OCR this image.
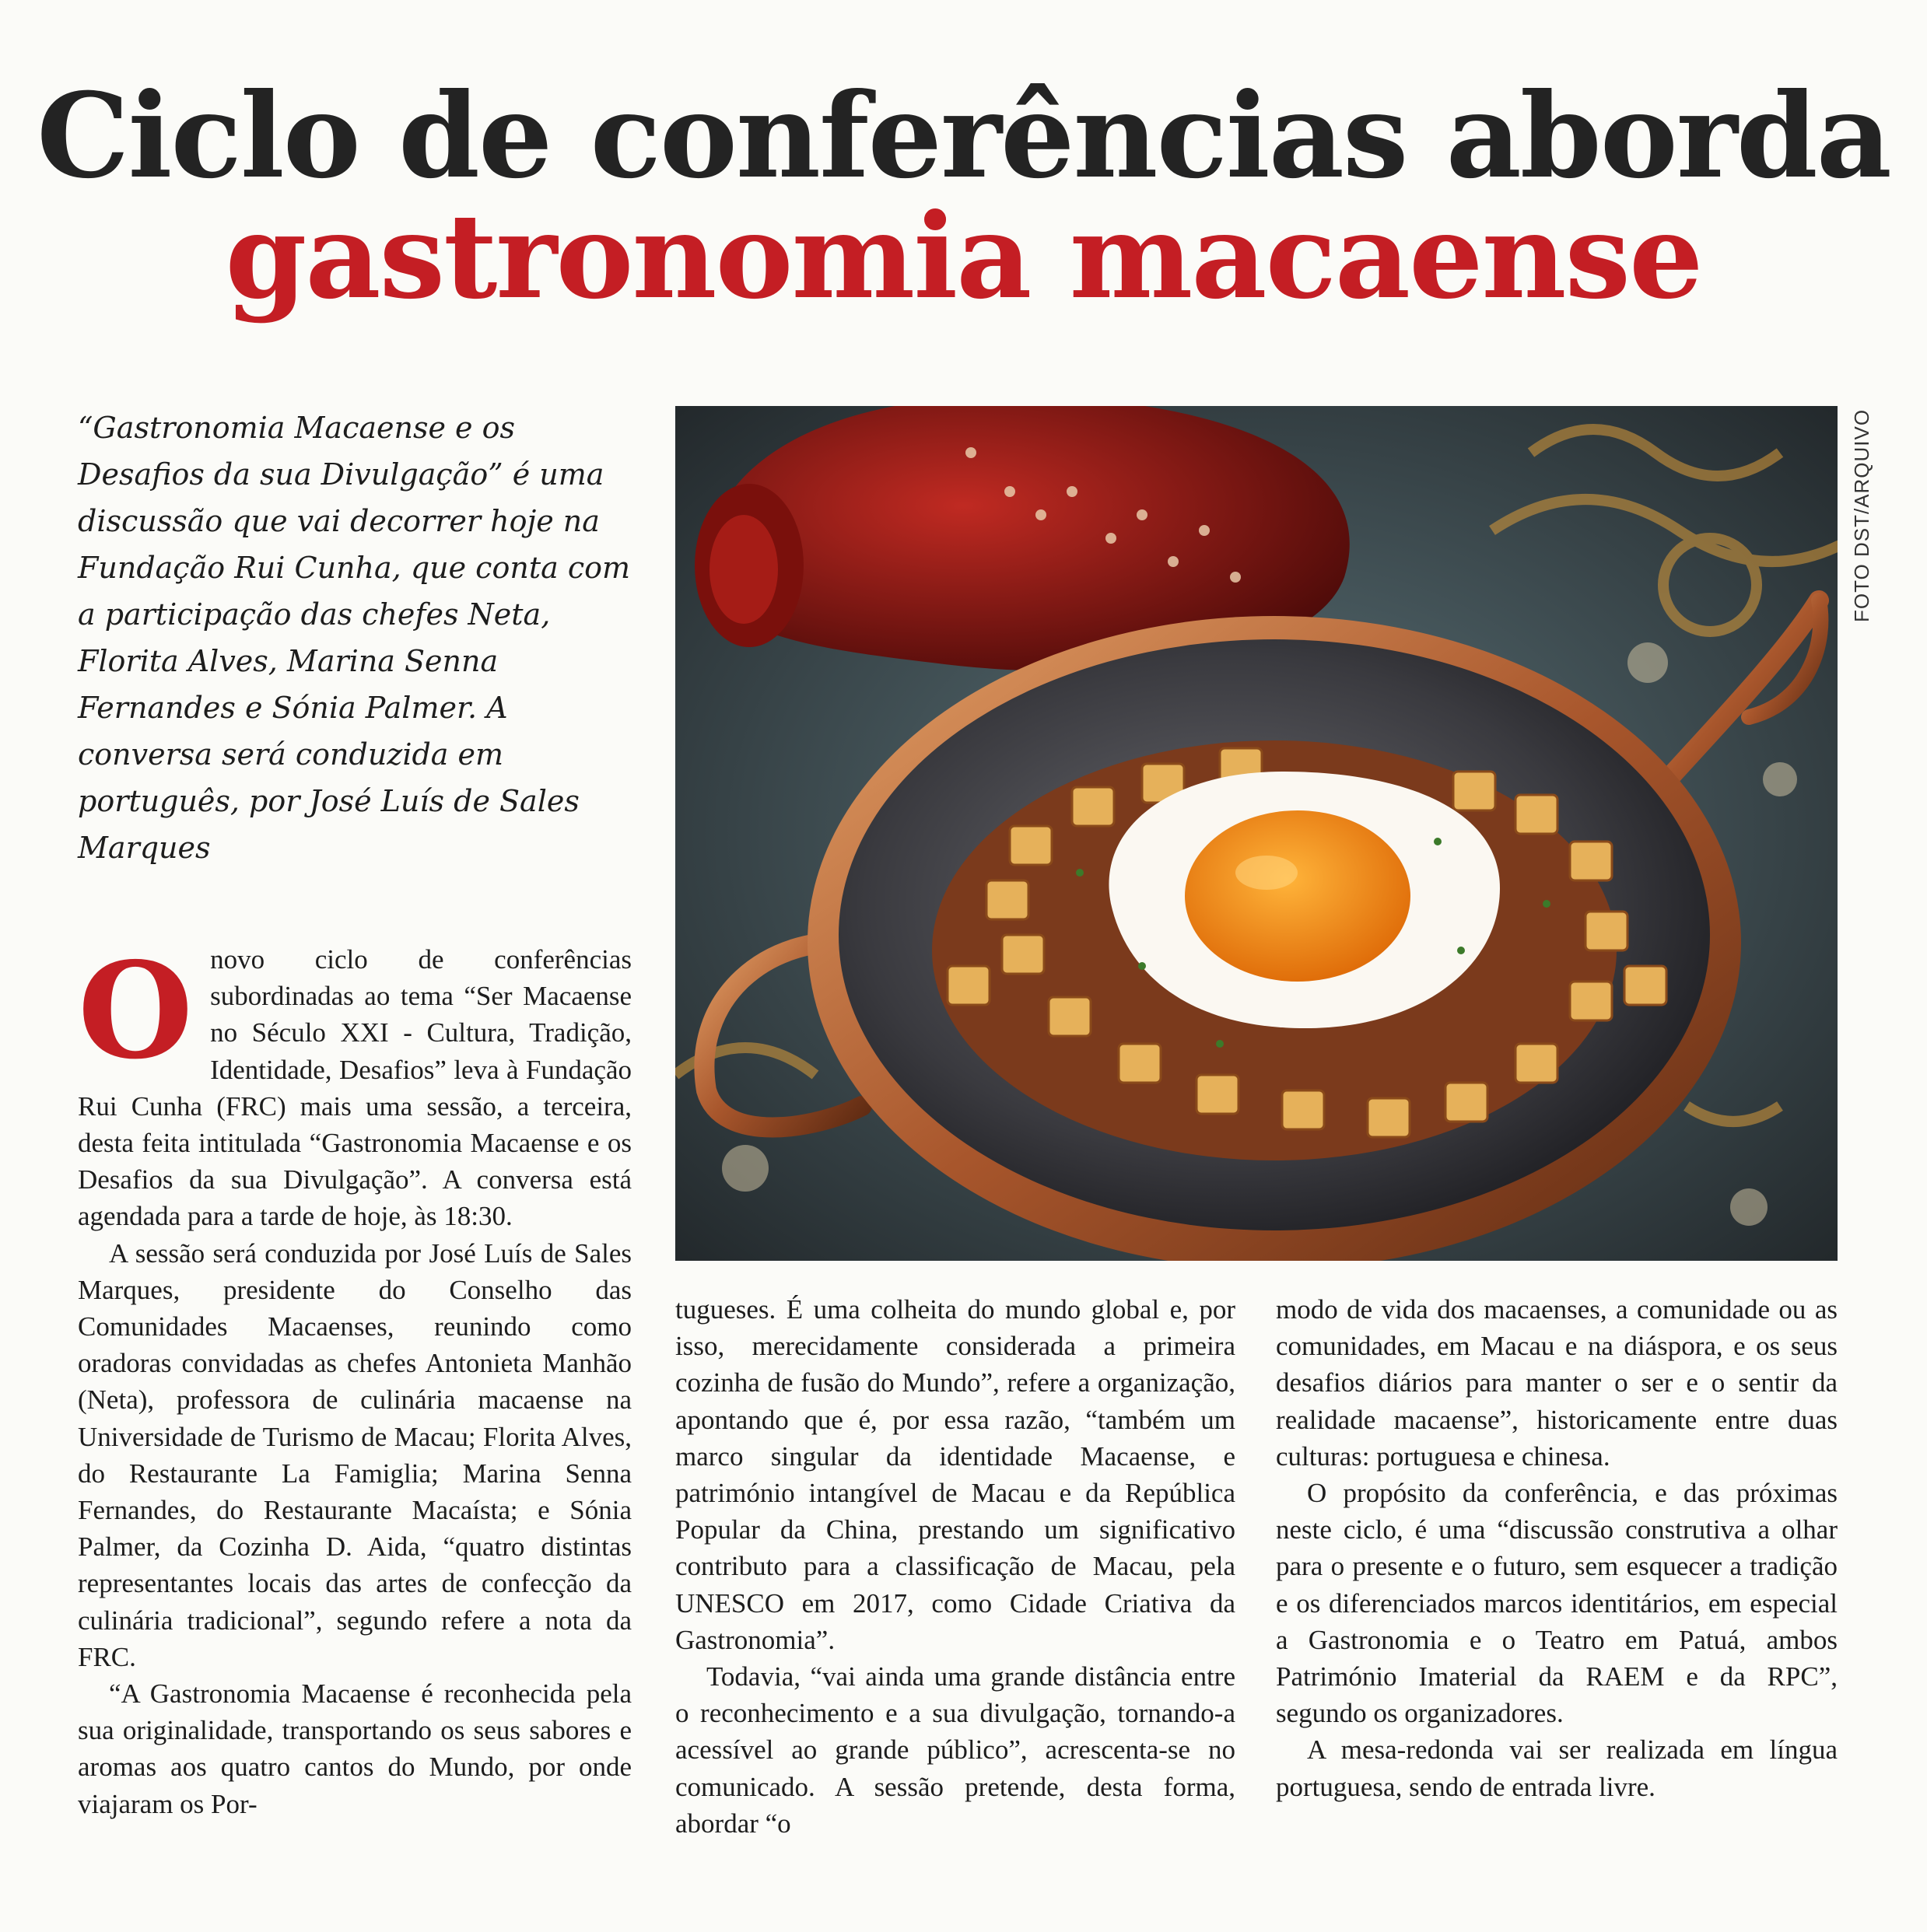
Ciclo de conferências aborda
gastronomia macaense
“Gastronomia Macaense e os Desafios da sua Divulgação” é uma discussão que vai decorrer hoje na Fundação Rui Cunha, que conta com a participação das chefes Neta, Florita Alves, Marina Senna Fernandes e Sónia Palmer. A conversa será conduzida em português, por José Luís de Sales Marques
FOTO DST/ARQUIVO

O novo ciclo de conferências subordinadas ao tema “Ser Macaense no Século XXI - Cultura, Tradição, Identidade, Desafios” leva à Fundação Rui Cunha (FRC) mais uma sessão, a terceira, desta feita intitulada “Gastronomia Macaense e os Desafios da sua Divulgação”. A conversa está agendada para a tarde de hoje, às 18:30.

A sessão será conduzida por José Luís de Sales Marques, presidente do Conselho das Comunidades Macaenses, reunindo como oradoras convidadas as chefes Antonieta Manhão (Neta), professora de culinária macaense na Universidade de Turismo de Macau; Florita Alves, do Restaurante La Famiglia; Marina Senna Fernandes, do Restaurante Macaísta; e Sónia Palmer, da Cozinha D. Aida, “quatro distintas representantes locais das artes de confecção da culinária tradicional”, segundo refere a nota da FRC.

“A Gastronomia Macaense é reconhecida pela sua originalidade, transportando os seus sabores e aromas aos quatro cantos do Mundo, por onde viajaram os Por-

tugueses. É uma colheita do mundo global e, por isso, merecidamente considerada a primeira cozinha de fusão do Mundo”, refere a organização, apontando que é, por essa razão, “também um marco singular da identidade Macaense, e património intangível de Macau e da República Popular da China, prestando um significativo contributo para a classificação de Macau, pela UNESCO em 2017, como Cidade Criativa da Gastronomia”.

Todavia, “vai ainda uma grande distância entre o reconhecimento e a sua divulgação, tornando-a acessível ao grande público”, acrescenta-se no comunicado. A sessão pretende, desta forma, abordar “o

modo de vida dos macaenses, a comunidade ou as comunidades, em Macau e na diáspora, e os seus desafios diários para manter o ser e o sentir da realidade macaense”, historicamente entre duas culturas: portuguesa e chinesa.

O propósito da conferência, e das próximas neste ciclo, é uma “discussão construtiva a olhar para o presente e o futuro, sem esquecer a tradição e os diferenciados marcos identitários, em especial a Gastronomia e o Teatro em Patuá, ambos Património Imaterial da RAEM e da RPC”, segundo os organizadores.

A mesa-redonda vai ser realizada em língua portuguesa, sendo de entrada livre.
